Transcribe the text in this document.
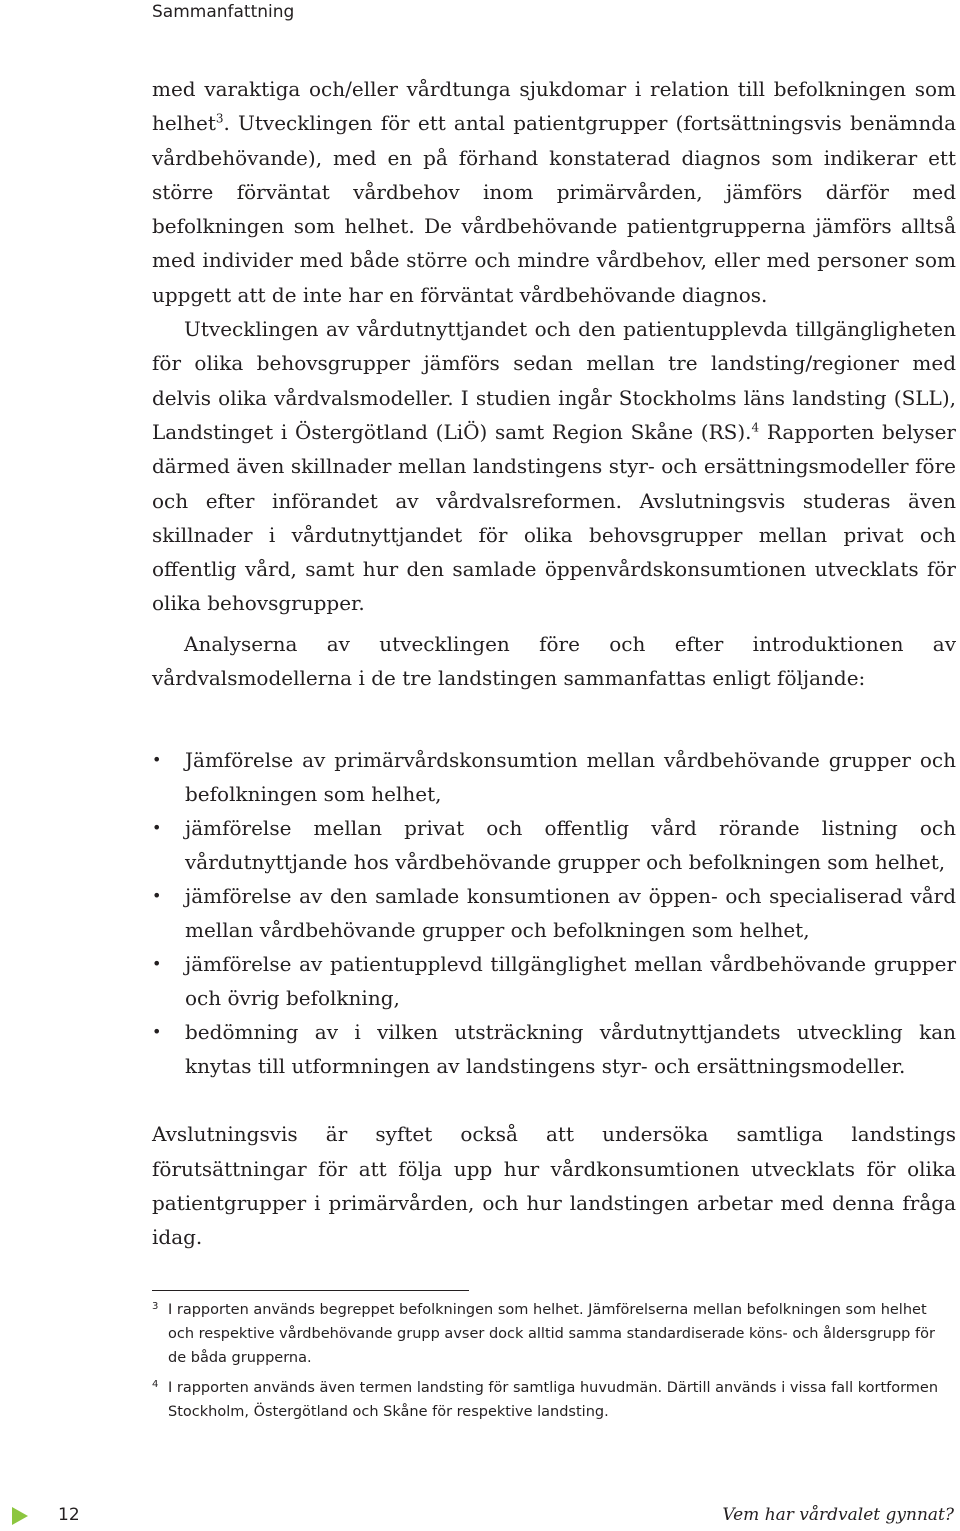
Sammanfattning

med varaktiga och/eller vårdtunga sjukdomar i relation till befolkningen som helhet$^3$. Utvecklingen för ett antal patientgrupper (fortsättningsvis benämnda vårdbehövande), med en på förhand konstaterad diagnos som indikerar ett större förväntat vårdbehov inom primärvården, jämförs därför med befolkningen som helhet. De vårdbehövande patientgrupperna jämförs alltså med individer med både större och mindre vårdbehov, eller med personer som uppgett att de inte har en förväntat vårdbehövande diagnos.

Utvecklingen av vårdutnyttjandet och den patientupplevda tillgängligheten för olika behovsgrupper jämförs sedan mellan tre landsting/regioner med delvis olika vårdvalsmodeller. I studien ingår Stockholms läns landsting (SLL), Landstinget i Östergötland (LiÖ) samt Region Skåne (RS).$^4$ Rapporten belyser därmed även skillnader mellan landstingens styr- och ersättningsmodeller före och efter införandet av vårdvalsreformen. Avslutningsvis studeras även skillnader i vårdutnyttjandet för olika behovsgrupper mellan privat och offentlig vård, samt hur den samlade öppenvårdskonsumtionen utvecklats för olika behovsgrupper.

Analyserna av utvecklingen före och efter introduktionen av vårdvalsmodellerna i de tre landstingen sammanfattas enligt följande:

• Jämförelse av primärvårdskonsumtion mellan vårdbehövande grupper och befolkningen som helhet,
• jämförelse mellan privat och offentlig vård rörande listning och vårdutnyttjande hos vårdbehövande grupper och befolkningen som helhet,
• jämförelse av den samlade konsumtionen av öppen- och specialiserad vård mellan vårdbehövande grupper och befolkningen som helhet,
• jämförelse av patientupplevd tillgänglighet mellan vårdbehövande grupper och övrig befolkning,
• bedömning av i vilken utsträckning vårdutnyttjandets utveckling kan knytas till utformningen av landstingens styr- och ersättningsmodeller.

Avslutningsvis är syftet också att undersöka samtliga landstings förutsättningar för att följa upp hur vårdkonsumtionen utvecklats för olika patientgrupper i primärvården, och hur landstingen arbetar med denna fråga idag.

3 I rapporten används begreppet befolkningen som helhet. Jämförelserna mellan befolkningen som helhet och respektive vårdbehövande grupp avser dock alltid samma standardiserade köns- och åldersgrupp för de båda grupperna.
4 I rapporten används även termen landsting för samtliga huvudmän. Därtill används i vissa fall kortformen Stockholm, Östergötland och Skåne för respektive landsting.
12	Vem har vårdvalet gynnat?
